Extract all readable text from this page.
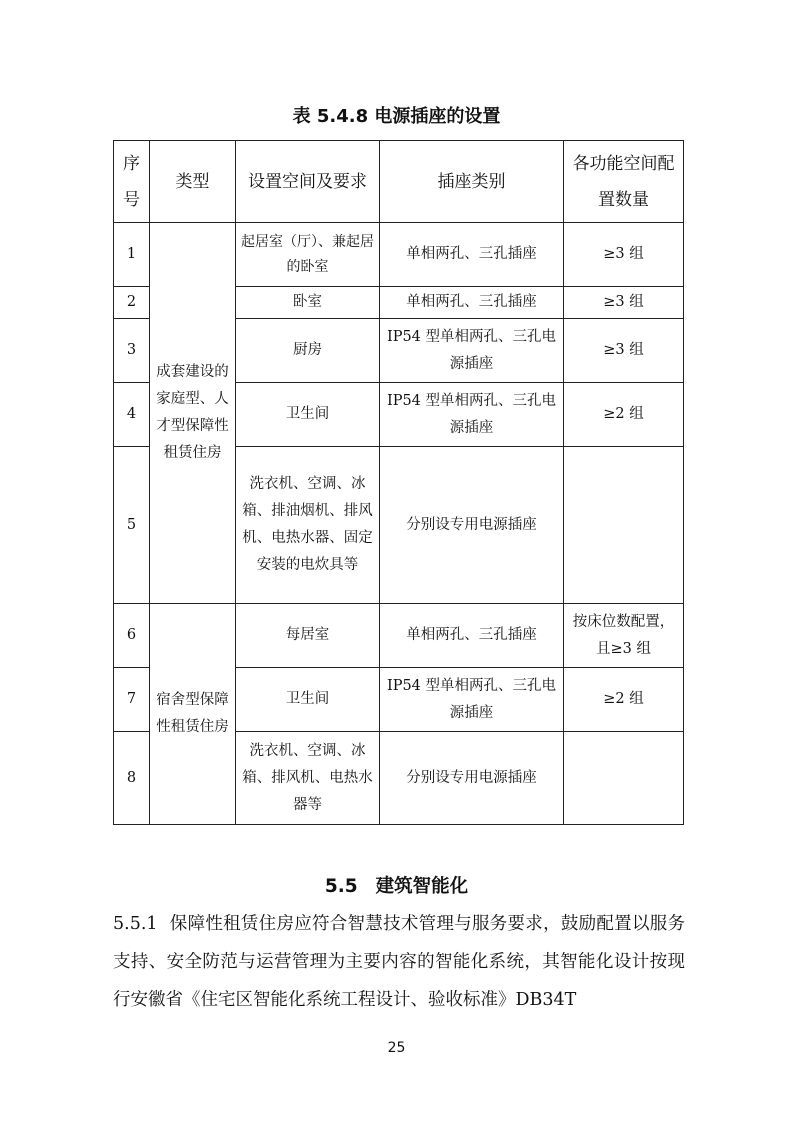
表 5.4.8 电源插座的设置
序号	类型	设置空间及要求	插座类别	各功能空间配置数量
1	成套建设的家庭型、人才型保障性租赁住房	起居室（厅）、兼起居的卧室	单相两孔、三孔插座	≥3 组
2		卧室	单相两孔、三孔插座	≥3 组
3		厨房	IP54 型单相两孔、三孔电源插座	≥3 组
4		卫生间	IP54 型单相两孔、三孔电源插座	≥2 组
5		洗衣机、空调、冰箱、排油烟机、排风机、电热水器、固定安装的电炊具等	分别设专用电源插座	
6	宿舍型保障性租赁住房	每居室	单相两孔、三孔插座	按床位数配置，且≥3 组
7		卫生间	IP54 型单相两孔、三孔电源插座	≥2 组
8		洗衣机、空调、冰箱、排风机、电热水器等	分别设专用电源插座	
5.5 建筑智能化
5.5.1 保障性租赁住房应符合智慧技术管理与服务要求，鼓励配置以服务支持、安全防范与运营管理为主要内容的智能化系统，其智能化设计按现行安徽省《住宅区智能化系统工程设计、验收标准》DB34T
25
